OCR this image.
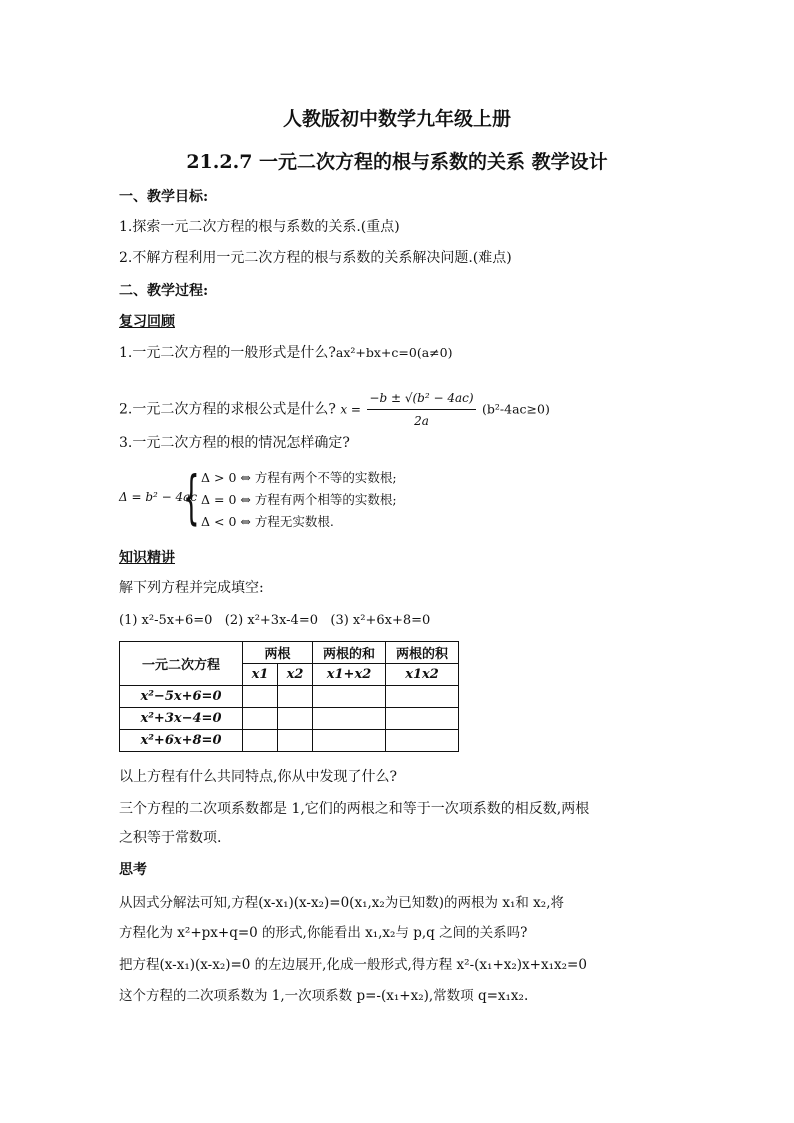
人教版初中数学九年级上册
21.2.7 一元二次方程的根与系数的关系 教学设计
一、教学目标:
1.探索一元二次方程的根与系数的关系.(重点)
2.不解方程利用一元二次方程的根与系数的关系解决问题.(难点)
二、教学过程:
复习回顾
1.一元二次方程的一般形式是什么?ax²+bx+c=0(a≠0)
2.一元二次方程的求根公式是什么? $x = \frac{\text{−b ± √(b² − 4ac)}}{2a} (b^2-4ac\ge 0)$
3.一元二次方程的根的情况怎样确定?
Δ = b² − 4ac
{ Δ > 0 ⇔ 方程有两个不等的实数根;
Δ = 0 ⇔ 方程有两个相等的实数根;
Δ < 0 ⇔ 方程无实数根.
知识精讲
解下列方程并完成填空:
(1) x²-5x+6=0   (2) x²+3x-4=0   (3) x²+6x+8=0
一元二次方程	两根		两根的和	两根的积
	x1	x2	x1+x2	x1x2
x²−5x+6=0				
x²+3x−4=0				
x²+6x+8=0				
以上方程有什么共同特点,你从中发现了什么?
三个方程的二次项系数都是 1,它们的两根之和等于一次项系数的相反数,两根
之积等于常数项.
思考
从因式分解法可知,方程(x-x₁)(x-x₂)=0(x₁,x₂为已知数)的两根为 x₁和 x₂,将
方程化为 x²+px+q=0 的形式,你能看出 x₁,x₂与 p,q 之间的关系吗?
把方程(x-x₁)(x-x₂)=0 的左边展开,化成一般形式,得方程 x²-(x₁+x₂)x+x₁x₂=0
这个方程的二次项系数为 1,一次项系数 p=-(x₁+x₂),常数项 q=x₁x₂.
